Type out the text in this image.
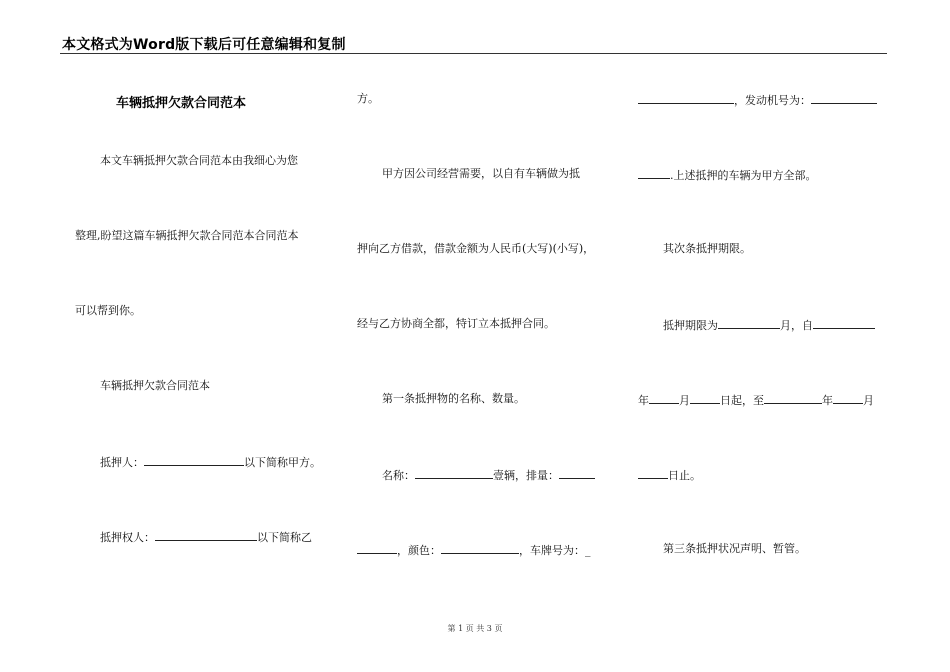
本文格式为Word版下载后可任意编辑和复制
车辆抵押欠款合同范本
本文车辆抵押欠款合同范本由我细心为您
整理,盼望这篇车辆抵押欠款合同范本合同范本
可以帮到你。
车辆抵押欠款合同范本
抵押人：	以下简称甲方。
抵押权人：	以下简称乙
方。
甲方因公司经营需要，以自有车辆做为抵
押向乙方借款，借款金额为人民币(大写)(小写)，
经与乙方协商全都，特订立本抵押合同。
第一条抵押物的名称、数量。
名称：	壹辆，排量：
，颜色：	，车牌号为：_
，发动机号为：
.上述抵押的车辆为甲方全部。
其次条抵押期限。
抵押期限为	月，自
年	月	日起，至	年	月
日止。
第三条抵押状况声明、暂管。
第 1 页 共 3 页
